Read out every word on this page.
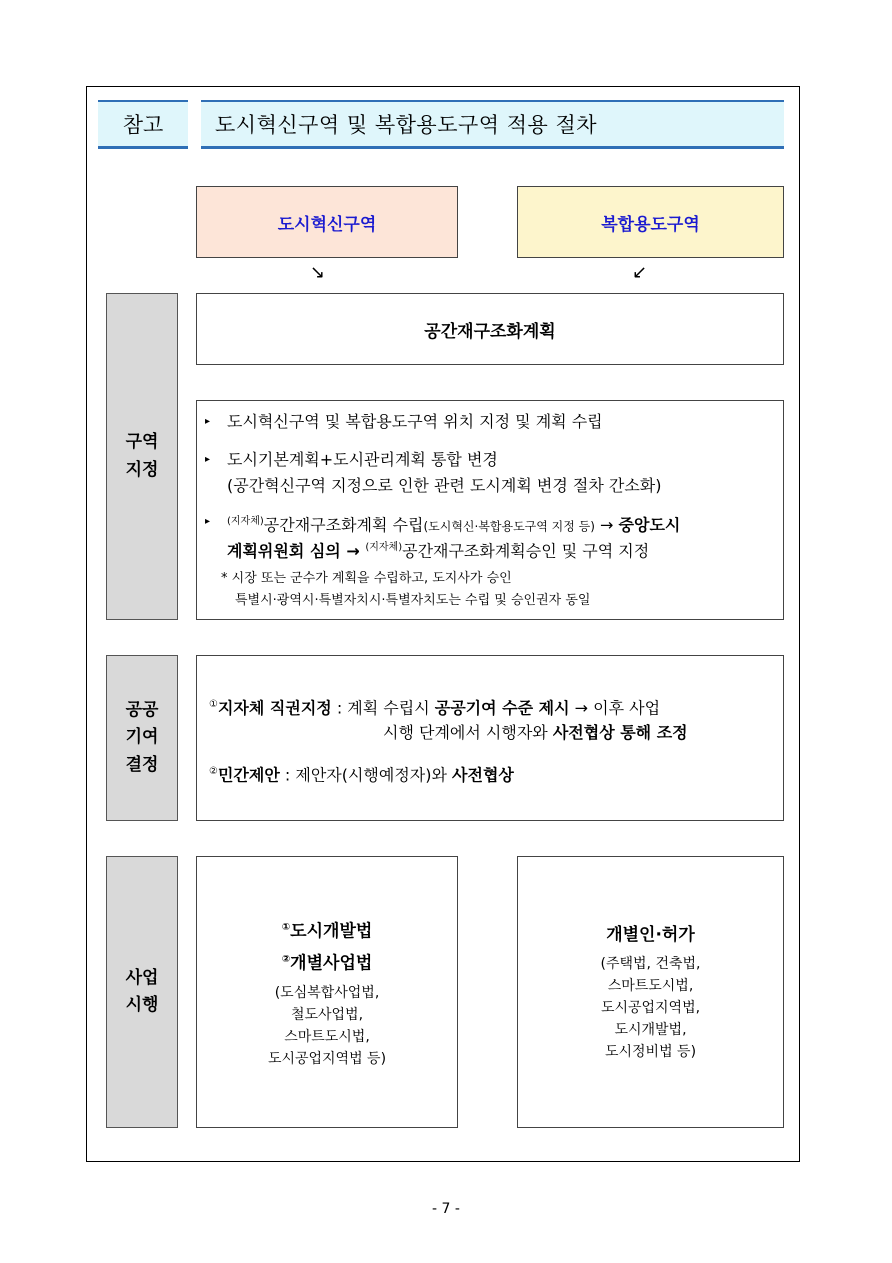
참고	도시혁신구역 및 복합용도구역 적용 절차
도시혁신구역	복합용도구역
↘	↙
구역
지정
공공
기여
결정
사업
시행
공간재구조화계획
▸ 도시혁신구역 및 복합용도구역 위치 지정 및 계획 수립
▸ 도시기본계획+도시관리계획 통합 변경
(공간혁신구역 지정으로 인한 관련 도시계획 변경 절차 간소화)
▸ $^{(지자체)}$공간재구조화계획 수립(도시혁신·복합용도구역 지정 등) → 중앙도시
계획위원회 심의 → $^{(지자체)}$공간재구조화계획승인 및 구역 지정
* 시장 또는 군수가 계획을 수립하고, 도지사가 승인
특별시·광역시·특별자치시·특별자치도는 수립 및 승인권자 동일
①지자체 직권지정 : 계획 수립시 공공기여 수준 제시 → 이후 사업
시행 단계에서 시행자와 사전협상 통해 조정
②민간제안 : 제안자(시행예정자)와 사전협상
①도시개발법
②개별사업법
(도심복합사업법,
철도사업법,
스마트도시법,
도시공업지역법 등)
개별인·허가
(주택법, 건축법,
스마트도시법,
도시공업지역법,
도시개발법,
도시정비법 등)
- 7 -
